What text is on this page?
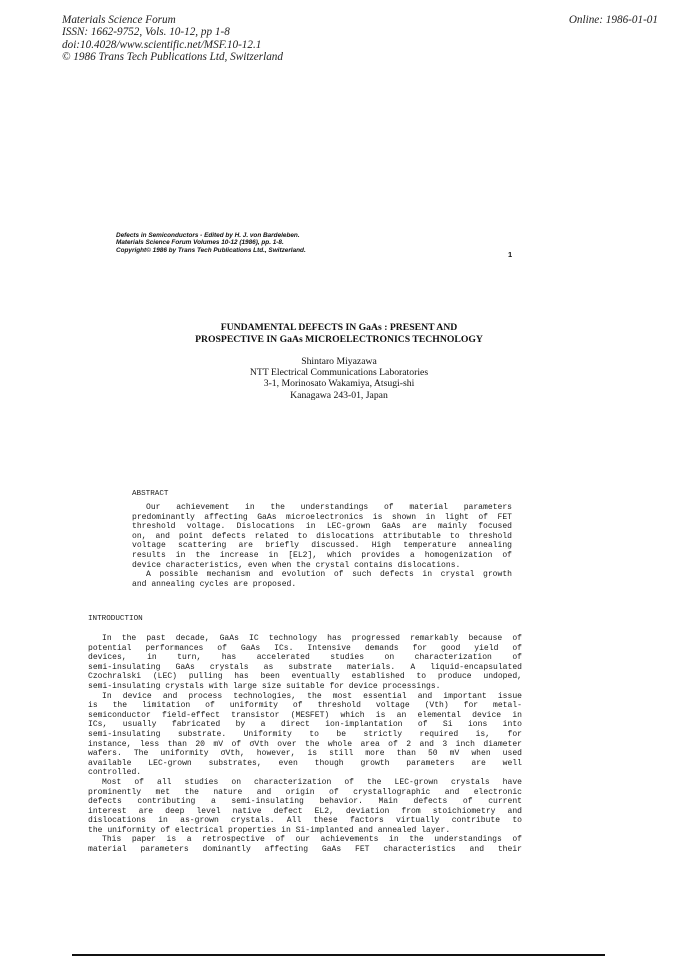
Materials Science Forum
ISSN: 1662-9752, Vols. 10-12, pp 1-8
doi:10.4028/www.scientific.net/MSF.10-12.1
© 1986 Trans Tech Publications Ltd, Switzerland
Online: 1986-01-01
Defects in Semiconductors - Edited by H. J. von Bardeleben.
Materials Science Forum Volumes 10-12 (1986), pp. 1-8.
Copyright© 1986 by Trans Tech Publications Ltd., Switzerland.	1
FUNDAMENTAL DEFECTS IN GaAs : PRESENT AND
PROSPECTIVE IN GaAs MICROELECTRONICS TECHNOLOGY
Shintaro Miyazawa
NTT Electrical Communications Laboratories
3-1, Morinosato Wakamiya, Atsugi-shi
Kanagawa 243-01, Japan
ABSTRACT
Our achievement in the understandings of material parameters
predominantly affecting GaAs microelectronics is shown in light of FET
threshold voltage. Dislocations in LEC-grown GaAs are mainly focused
on, and point defects related to dislocations attributable to threshold
voltage scattering are briefly discussed. High temperature annealing
results in the increase in [EL2], which provides a homogenization of
device characteristics, even when the crystal contains dislocations.
A possible mechanism and evolution of such defects in crystal growth
and annealing cycles are proposed.
INTRODUCTION
In the past decade, GaAs IC technology has progressed remarkably because of
potential performances of GaAs ICs. Intensive demands for good yield of
devices, in turn, has accelerated studies on characterization of
semi-insulating GaAs crystals as substrate materials. A liquid-encapsulated
Czochralski (LEC) pulling has been eventually established to produce undoped,
semi-insulating crystals with large size suitable for device processings.
In device and process technologies, the most essential and important issue
is the limitation of uniformity of threshold voltage (Vth) for metal-
semiconductor field-effect transistor (MESFET) which is an elemental device in
ICs, usually fabricated by a direct ion-implantation of Si ions into
semi-insulating substrate. Uniformity to be strictly required is, for
instance, less than 20 mV of σVth over the whole area of 2 and 3 inch diameter
wafers. The uniformity σVth, however, is still more than 50 mV when used
available LEC-grown substrates, even though growth parameters are well
controlled.
Most of all studies on characterization of the LEC-grown crystals have
prominently met the nature and origin of crystallographic and electronic
defects contributing a semi-insulating behavior. Main defects of current
interest are deep level native defect EL2, deviation from stoichiometry and
dislocations in as-grown crystals. All these factors virtually contribute to
the uniformity of electrical properties in Si-implanted and annealed layer.
This paper is a retrospective of our achievements in the understandings of
material parameters dominantly affecting GaAs FET characteristics and their
